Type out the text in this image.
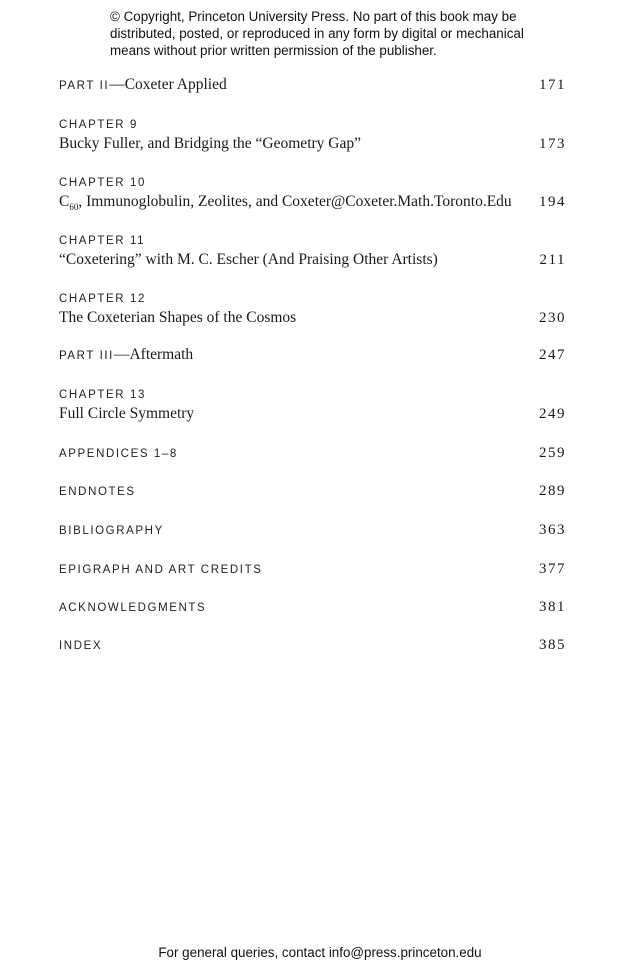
© Copyright, Princeton University Press. No part of this book may be
distributed, posted, or reproduced in any form by digital or mechanical
means without prior written permission of the publisher.
PART II—Coxeter Applied	171
CHAPTER 9
Bucky Fuller, and Bridging the “Geometry Gap”	173
CHAPTER 10
$C_{60}$, Immunoglobulin, Zeolites, and Coxeter@Coxeter.Math.Toronto.Edu 194
CHAPTER 11
“Coxetering” with M. C. Escher (And Praising Other Artists)	211
CHAPTER 12
The Coxeterian Shapes of the Cosmos	230
PART III—Aftermath	247
CHAPTER 13
Full Circle Symmetry	249
APPENDICES 1–8	259
ENDNOTES	289
BIBLIOGRAPHY	363
EPIGRAPH AND ART CREDITS	377
ACKNOWLEDGMENTS	381
INDEX	385
For general queries, contact info@press.princeton.edu
